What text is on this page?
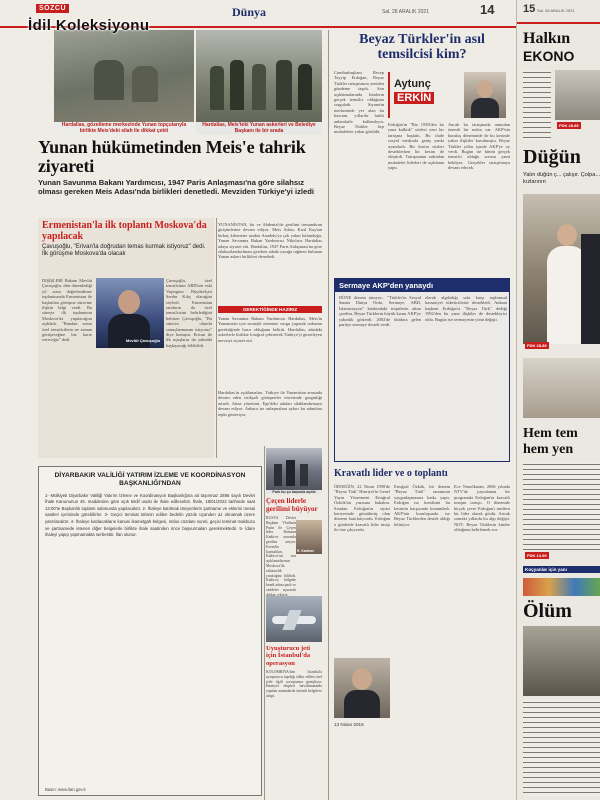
SÖZCÜ	Dünya	Sal. 28 ARALIK 2021	14
İdil Koleksiyonu
Hardalias, gözetleme merkezinde Yunan topçularıyla birlikte Meis'deki silah ile dikkat çekti
Hardalias, Meis'teki Yunan askerleri ve Belediye Başkanı ile bir arada
Yunan hükümetinden Meis'e tahrik ziyareti
Yunan Savunma Bakanı Yardımcısı, 1947 Paris Anlaşması'na göre silahsız olması gereken Meis Adası'nda birlikleri denetledi. Mevziden Türkiye'yi izledi
Ermenistan'la ilk toplantı Moskova'da yapılacak
Çavuşoğlu, "Erivan'la doğrudan temas kurmak istiyoruz" dedi. İlk görüşme Moskova'da olacak
DIŞİŞLERİ Bakanı Mevlüt Çavuşoğlu, dün düzenlediği yıl sonu değerlendirme toplantısında Ermenistan ile başlatılan görüşme sürecine ilişkin bilgi verdi. Bu süreçte ilk toplantının Moskova'da yapılacağını açıkladı. "Bundan sonra özel temsilcilerin ne zaman görüşeceğine biz karar vereceğiz" dedi.	Mevlüt Çavuşoğlu
Çavuşoğlu, özel temsilcinin ABD'nin eski Vaşington Büyükelçisi Serdar Kılıç olacağını söyledi. Ermenistan tarafının da özel temsilcisini belirlediğini belirten Çavuşoğlu, "Bu sürecin olumlu sonuçlanmasını istiyoruz" diye konuştu. Erivan ile ilk uçuşların da yakında başlayacağı bildirildi.
YUNANİSTAN, bir ve Ahdenizi'de gerilimi tırmandıran girişimlerine devam ediyor. Meis Adası, Kızıl Kaş'tan birkaç kilometre uzakta Anadolu'ya çok yakın bulunduğu, Yunan Savunma Bakan Yardımcısı Nikolaos Hardalias adaya ziyaret etti. Hardalias, 1947 Paris Anlaşması'na göre silahsızlandırılması gereken adada yasağa rağmen bulunan Yunan askeri birlikleri denetledi.
GEREKTİĞİNDE HAZIRIZ
Yunan Savunma Bakanı Yardımcısı Hardalias, Meis'in Yunanistan için stratejik önemine vurgu yaparak ordunun gerektiğinde hazır olduğunu belirtti. Hardalias, adadaki askerlerle birlikte fotoğraf çektirerek Türkiye'yi gözetleyen mevziyi ziyaret etti.
Hardalias'ın açıklamaları, Türkiye ile Yunanistan arasında devam eden istikşafi görüşmeler öncesinde gerginliği artırdı. Atina yönetimi, Ege'deki adaları silahlandırmaya devam ediyor. Ankara ise anlaşmalara aykırı bu adımlara tepki gösteriyor.
DİYARBAKIR VALİLİĞİ YATIRIM İZLEME VE KOORDİNASYON BAŞKANLIĞI'NDAN
1- Mülkiyeti Diyarbakır Valiliği Yatırım İzleme ve Koordinasyon Başkanlığına ait taşınmaz 2886 sayılı Devlet İhale Kanununun 45. maddesine göre açık teklif usulü ile ihale edilecektir. İhale, 18/01/2022 tarihinde saat 14:00'te Başkanlık toplantı salonunda yapılacaktır. 2- İhaleye katılmak isteyenlerin şartname ve eklerini mesai saatleri içerisinde görebilirler. 3- Geçici teminat tahmin edilen bedelin yüzde üçünden az olmamak üzere yatırılacaktır. 4- İhaleye katılacakların kanuni ikametgah belgesi, nüfus cüzdanı sureti, geçici teminat makbuzu ve şartnamede istenen diğer belgelerle birlikte ihale saatinden önce başvurmaları gerekmektedir. 5- İdare ihaleyi yapıp yapmamakta serbesttir. İlan olunur.
Basın: www.ilan.gov.tr
Park bu şu başında açıldı
Çeçen liderle gerilimi büyüyor
RUSYA Devlet Başkanı Vladimir Putin ile Çeçen lider Ramzan Kadirov arasında gerilim artıyor. Kremlin kaynakları, Kadirov'un son açıklamalarının Moskova'da rahatsızlık yarattığını bildirdi. Kadirov, bölgede kendi adına park ve caddeler açtırarak dikkat çekiyor.
R. Kadirov
Uyuşturucu jeti için İstanbul'da operasyon
KOLOMBİYA'dan İstanbul'a uyuşturucu taşıdığı iddia edilen özel jetle ilgili soruşturma genişliyor. Emniyet ekipleri havalimanında yapılan aramalarda önemli belgelere ulaştı.
Beyaz Türkler'in asıl temsilcisi kim?
Cumhurbaşkanı Recep Tayyip Erdoğan, Beyaz Türkler tartışmasını yeniden gündeme taşıdı. Son açıklamalarında kimlerin gerçek temsilci olduğunu sorguladı. Siyasetin merkezinde yer alan bu kavram, yıllardır farklı anlamlarla kullanılıyor. Beyaz Türkler hep muhalefete yakın görüldü.
Aytunç
ERKİN
Erdoğan'ın "Biz 1938'den bu yana kalktık" sözleri yeni bir tartışma başlattı. Bu ifade sosyal medyada geniş yankı uyandırdı. Bir kesim sözleri desteklerken bir kesim de eleştirdi. Tartışmanın ardından muhalefet liderleri de açıklama yaptı.
Ancak bu tartışmada unutulan önemli bir nokta var. AKP'nin kuruluş döneminde de bu kesimle yakın ilişkiler kurulmuştu. Beyaz Türkler yıllar içinde AKP'ye oy verdi. Bugün ise kimin gerçek temsilci olduğu sorusu yanıt bekliyor. Gerçekler tartışılmaya devam edecek.
Sermaye AKP'den yanaydı
DÖNE dönem tutuyor... "Türkler'in Sosyal Sanatı Dünya Ordu, Sermaye, ABD, İslamizasyon" kitabındaki tespitlerin altını çizelim. Beyaz Türklerin büyük kısmı AKP'ye yakınlık gösterdi. 2002'de iktidara gelen partiye sermaye destek verdi.
olarak algıladığı sola karşı toplumsal hassasiyet tüketicilerini destekledi. Ankara başkent Erdoğan'a "Beyaz Türk" dediği 1992'den bu yana ilişkiler de destekleyici oldu. Bugün ise sermayenin yönü değişti.
Kravatlı lider ve o toplantı
ÖRNEĞİN, 22 Nisan 1998'de "Beyaz Türk" Hürriyet'in Genel Yayın Yönetmeni Ertuğrul Özkök'ün yazısına bakalım. Sıradan Erdoğan'ın siyasi kariyerinde gömülmüş olan dönemi hatırlatıyordu. Erdoğan o günlerde kravatlı lider imajı ile öne çıkıyordu.
Ertuğrul Özkök, bir dönem "Beyaz Türk" tanımının yaygınlaşmasına katkı yaptı. Erdoğan ise kendisini bu kesimin karşısında konumladı. AKP'nin kuruluşunda ise Beyaz Türklerden destek aldığı biliniyor.
Ece Temelkuran, 2006 yılında NTV'de yayınlanan bir programda Erdoğan'ın kravatlı imajını tartıştı. O dönemde birçok çevre Erdoğan'ı modern bir lider olarak gördü. Ancak sonraki yıllarda bu algı değişti. NOT: Beyaz Türklerin kimler olduğunu belirlemek zor.
13 Nisan 2016
15 Sal. 28 ARALIK 2021
Halkın
EKONO
PDK 28.89
Düğün
Yalın düğün ç... çalışır. Çolpa... kızlarının
PDK 28.89
Hem tem
hem yen
PDK 13.99
Koçyanlar için yanı
Ölüm
